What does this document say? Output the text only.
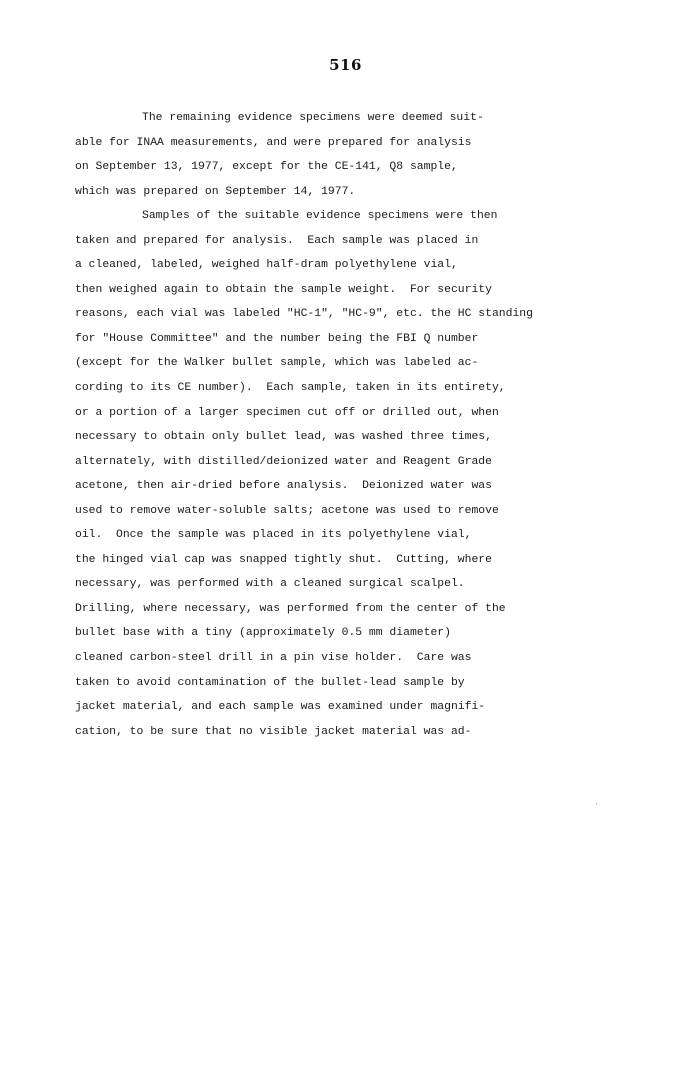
516
The remaining evidence specimens were deemed suit-
able for INAA measurements, and were prepared for analysis
on September 13, 1977, except for the CE-141, Q8 sample,
which was prepared on September 14, 1977.
Samples of the suitable evidence specimens were then
taken and prepared for analysis.  Each sample was placed in
a cleaned, labeled, weighed half-dram polyethylene vial,
then weighed again to obtain the sample weight.  For security
reasons, each vial was labeled "HC-1", "HC-9", etc. the HC standing
for "House Committee" and the number being the FBI Q number
(except for the Walker bullet sample, which was labeled ac-
cording to its CE number).  Each sample, taken in its entirety,
or a portion of a larger specimen cut off or drilled out, when
necessary to obtain only bullet lead, was washed three times,
alternately, with distilled/deionized water and Reagent Grade
acetone, then air-dried before analysis.  Deionized water was
used to remove water-soluble salts; acetone was used to remove
oil.  Once the sample was placed in its polyethylene vial,
the hinged vial cap was snapped tightly shut.  Cutting, where
necessary, was performed with a cleaned surgical scalpel.
Drilling, where necessary, was performed from the center of the
bullet base with a tiny (approximately 0.5 mm diameter)
cleaned carbon-steel drill in a pin vise holder.  Care was
taken to avoid contamination of the bullet-lead sample by
jacket material, and each sample was examined under magnifi-
cation, to be sure that no visible jacket material was ad-
